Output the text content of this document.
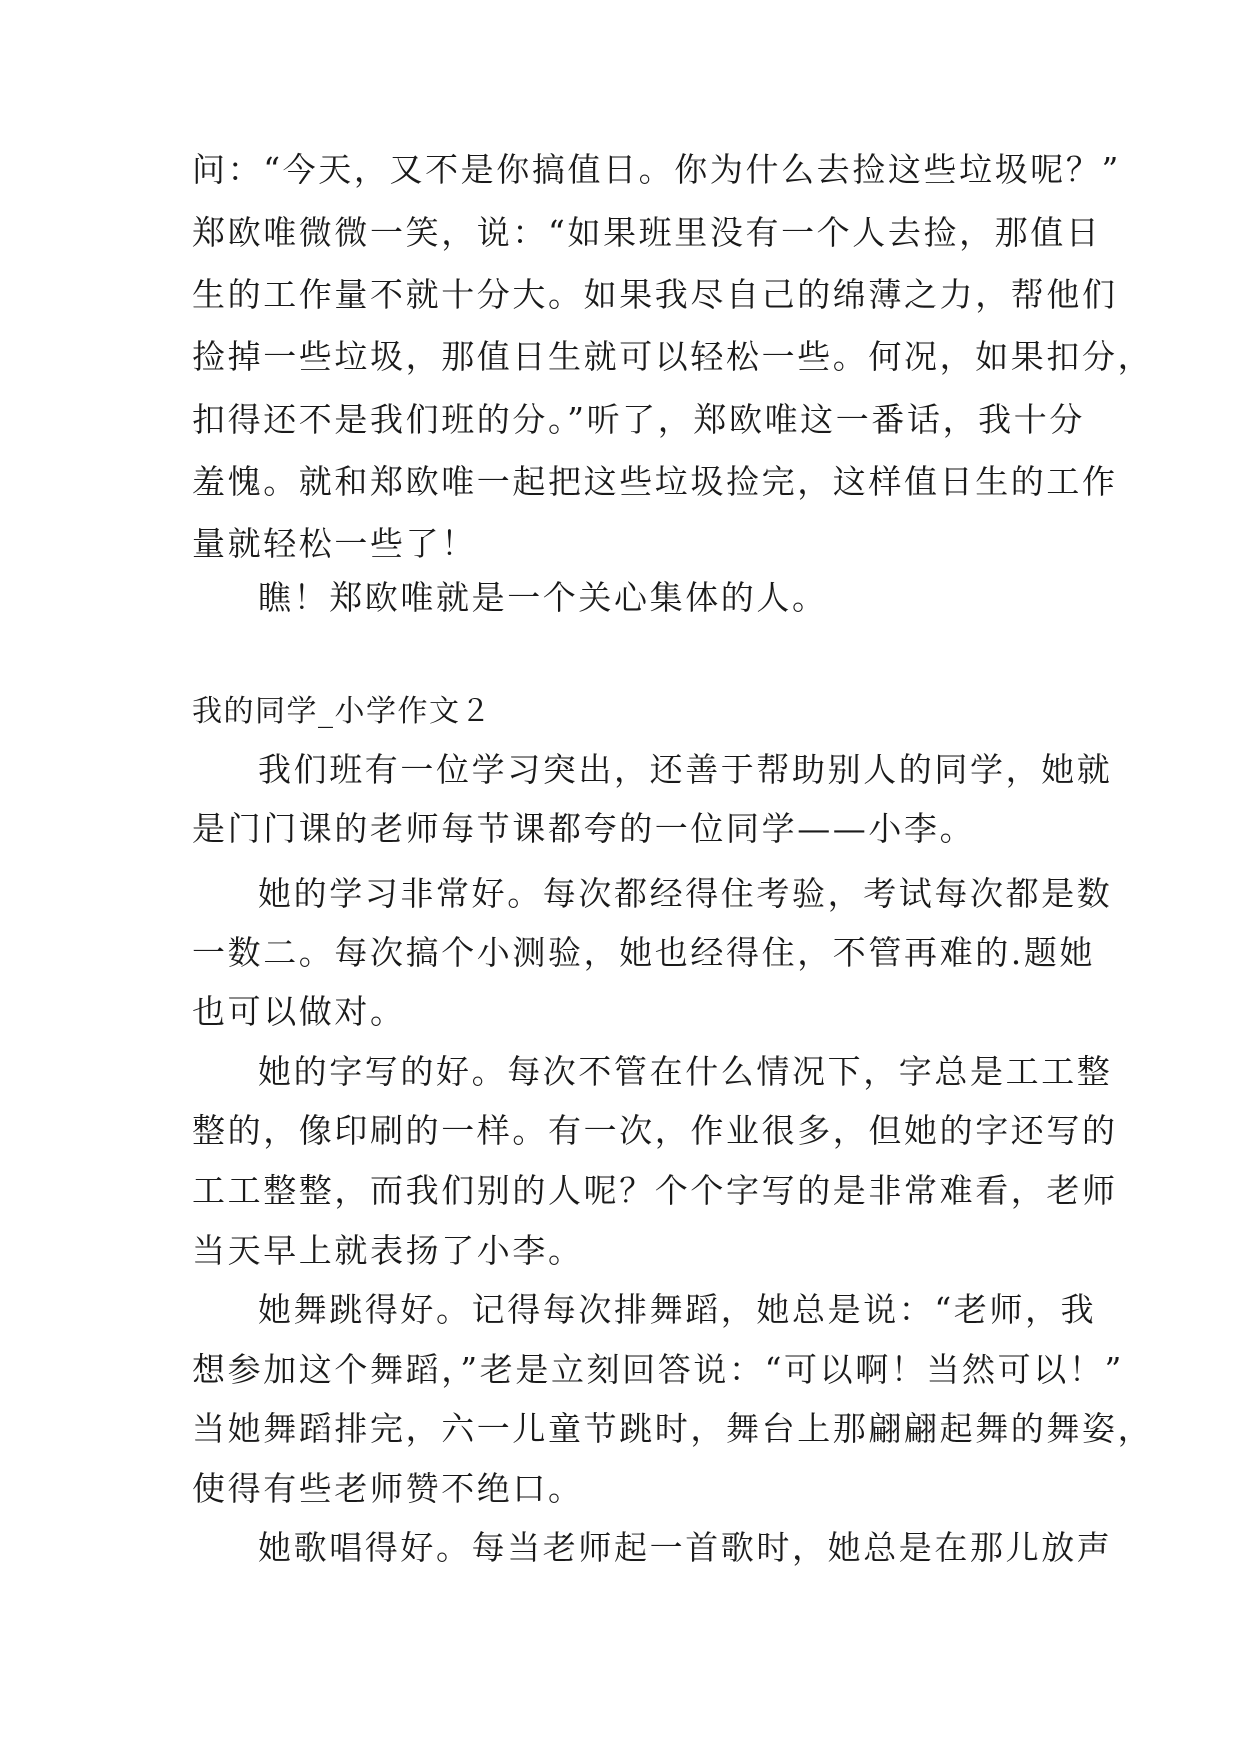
问：“今天，又不是你搞值日。你为什么去捡这些垃圾呢？”
郑欧唯微微一笑，说：“如果班里没有一个人去捡，那值日
生的工作量不就十分大。如果我尽自己的绵薄之力，帮他们
捡掉一些垃圾，那值日生就可以轻松一些。何况，如果扣分，
扣得还不是我们班的分。”听了，郑欧唯这一番话，我十分
羞愧。就和郑欧唯一起把这些垃圾捡完，这样值日生的工作
量就轻松一些了！
瞧！郑欧唯就是一个关心集体的人。
我的同学_小学作文２
我们班有一位学习突出，还善于帮助别人的同学，她就
是门门课的老师每节课都夸的一位同学——小李。
她的学习非常好。每次都经得住考验，考试每次都是数
一数二。每次搞个小测验，她也经得住，不管再难的.题她
也可以做对。
她的字写的好。每次不管在什么情况下，字总是工工整
整的，像印刷的一样。有一次，作业很多，但她的字还写的
工工整整，而我们别的人呢？个个字写的是非常难看，老师
当天早上就表扬了小李。
她舞跳得好。记得每次排舞蹈，她总是说：“老师，我
想参加这个舞蹈，”老是立刻回答说：“可以啊！当然可以！”
当她舞蹈排完，六一儿童节跳时，舞台上那翩翩起舞的舞姿，
使得有些老师赞不绝口。
她歌唱得好。每当老师起一首歌时，她总是在那儿放声
